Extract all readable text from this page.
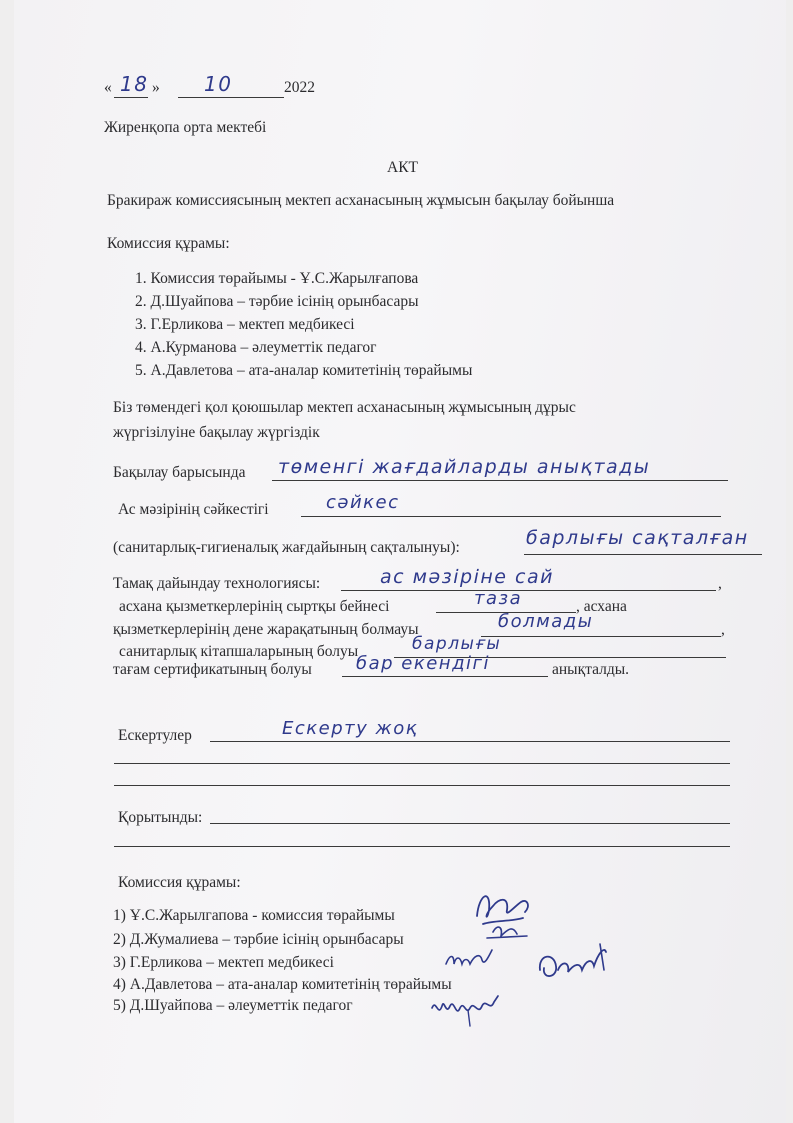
⠀
« 18 » 10	2022
Жиренқопа орта мектебі
АКТ
Бракираж комиссиясының мектеп асханасының жұмысын бақылау бойынша
Комиссия құрамы:
1. Комиссия төрайымы - Ұ.С.Жарылғапова
2. Д.Шуайпова – тәрбие ісінің орынбасары
3. Г.Ерликова – мектеп медбикесі
4. А.Курманова – әлеуметтік педагог
5. А.Давлетова – ата-аналар комитетінің төрайымы
Біз төмендегі қол қоюшылар мектеп асханасының жұмысының дұрыс
жүргізілуіне бақылау жүргіздік
Бақылау барысында төменгі жағдайларды анықтады
Ас мәзірінің сәйкестігі	сәйкес
(санитарлық-гигиеналық жағдайының сақталынуы):	барлығы сақталған
Тамақ дайындау технологиясы:	ас мәзіріне сай	,
асхана қызметкерлерінің сыртқы бейнесі	таза	, асхана
қызметкерлерінің дене жарақатының болмауы	болмады	,
санитарлық кітапшаларының болуы	барлығы
тағам сертификатының болуы бар екендігі	анықталды.
Ескертулер	Ескерту жоқ
Қорытынды:
Комиссия құрамы:
1) Ұ.С.Жарылгапова - комиссия төрайымы
2) Д.Жумалиева – тәрбие ісінің орынбасары
3) Г.Ерликова – мектеп медбикесі
4) А.Давлетова – ата-аналар комитетінің төрайымы
5) Д.Шуайпова – әлеуметтік педагог
